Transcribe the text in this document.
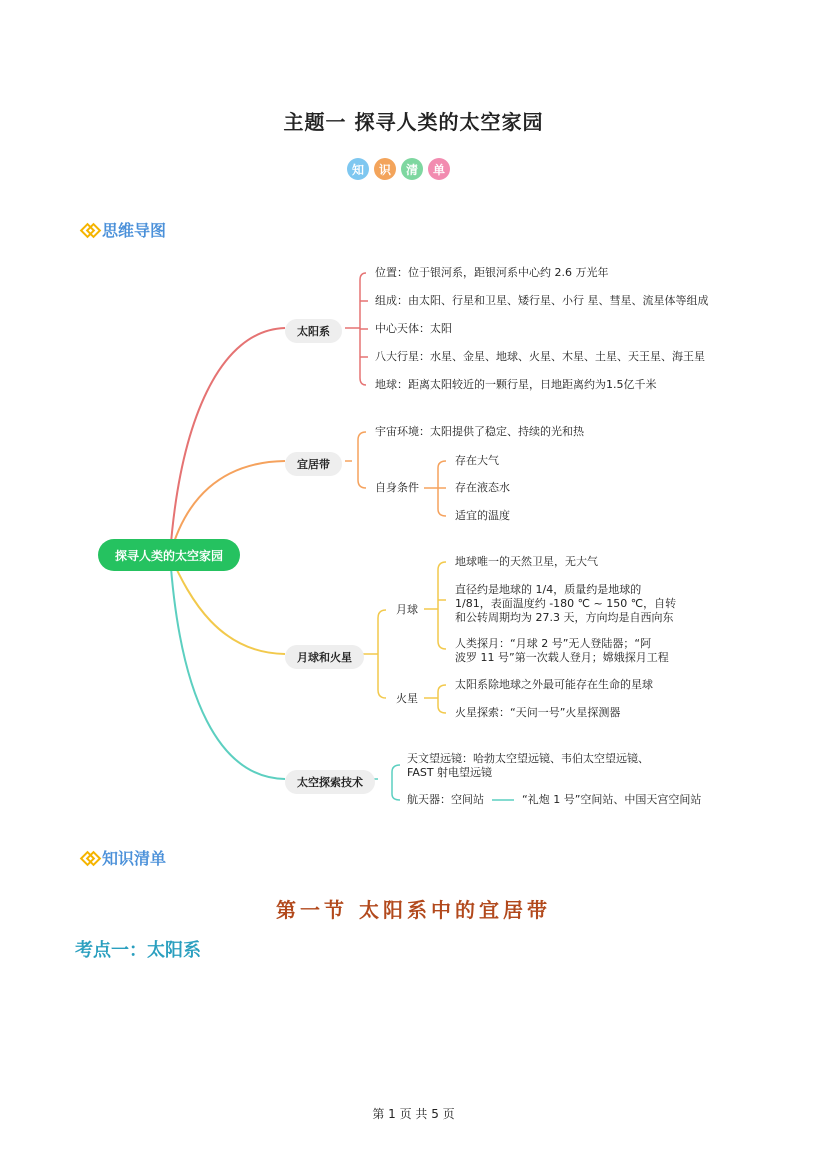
主题一 探寻人类的太空家园
知	识	清	单
思维导图
探寻人类的太空家园
太阳系
宜居带
月球和火星
太空探索技术
位置：位于银河系，距银河系中心约 2.6 万光年
组成：由太阳、行星和卫星、矮行星、小行 星、彗星、流星体等组成
中心天体：太阳
八大行星：水星、金星、地球、火星、木星、土星、天王星、海王星
地球：距离太阳较近的一颗行星，日地距离约为1.5亿千米
宇宙环境：太阳提供了稳定、持续的光和热
自身条件
存在大气
存在液态水
适宜的温度
月球
火星
地球唯一的天然卫星，无大气
直径约是地球的 1/4，质量约是地球的
1/81，表面温度约 -180 ℃ ~ 150 ℃，自转
和公转周期均为 27.3 天，方向均是自西向东
人类探月：“月球 2 号”无人登陆器；“阿
波罗 11 号”第一次载人登月；嫦娥探月工程
太阳系除地球之外最可能存在生命的星球
火星探索：“天问一号”火星探测器
天文望远镜：哈勃太空望远镜、韦伯太空望远镜、
FAST 射电望远镜
航天器：空间站	“礼炮 1 号”空间站、中国天宫空间站
知识清单
第一节 太阳系中的宜居带
考点一：太阳系
第 1 页 共 5 页
